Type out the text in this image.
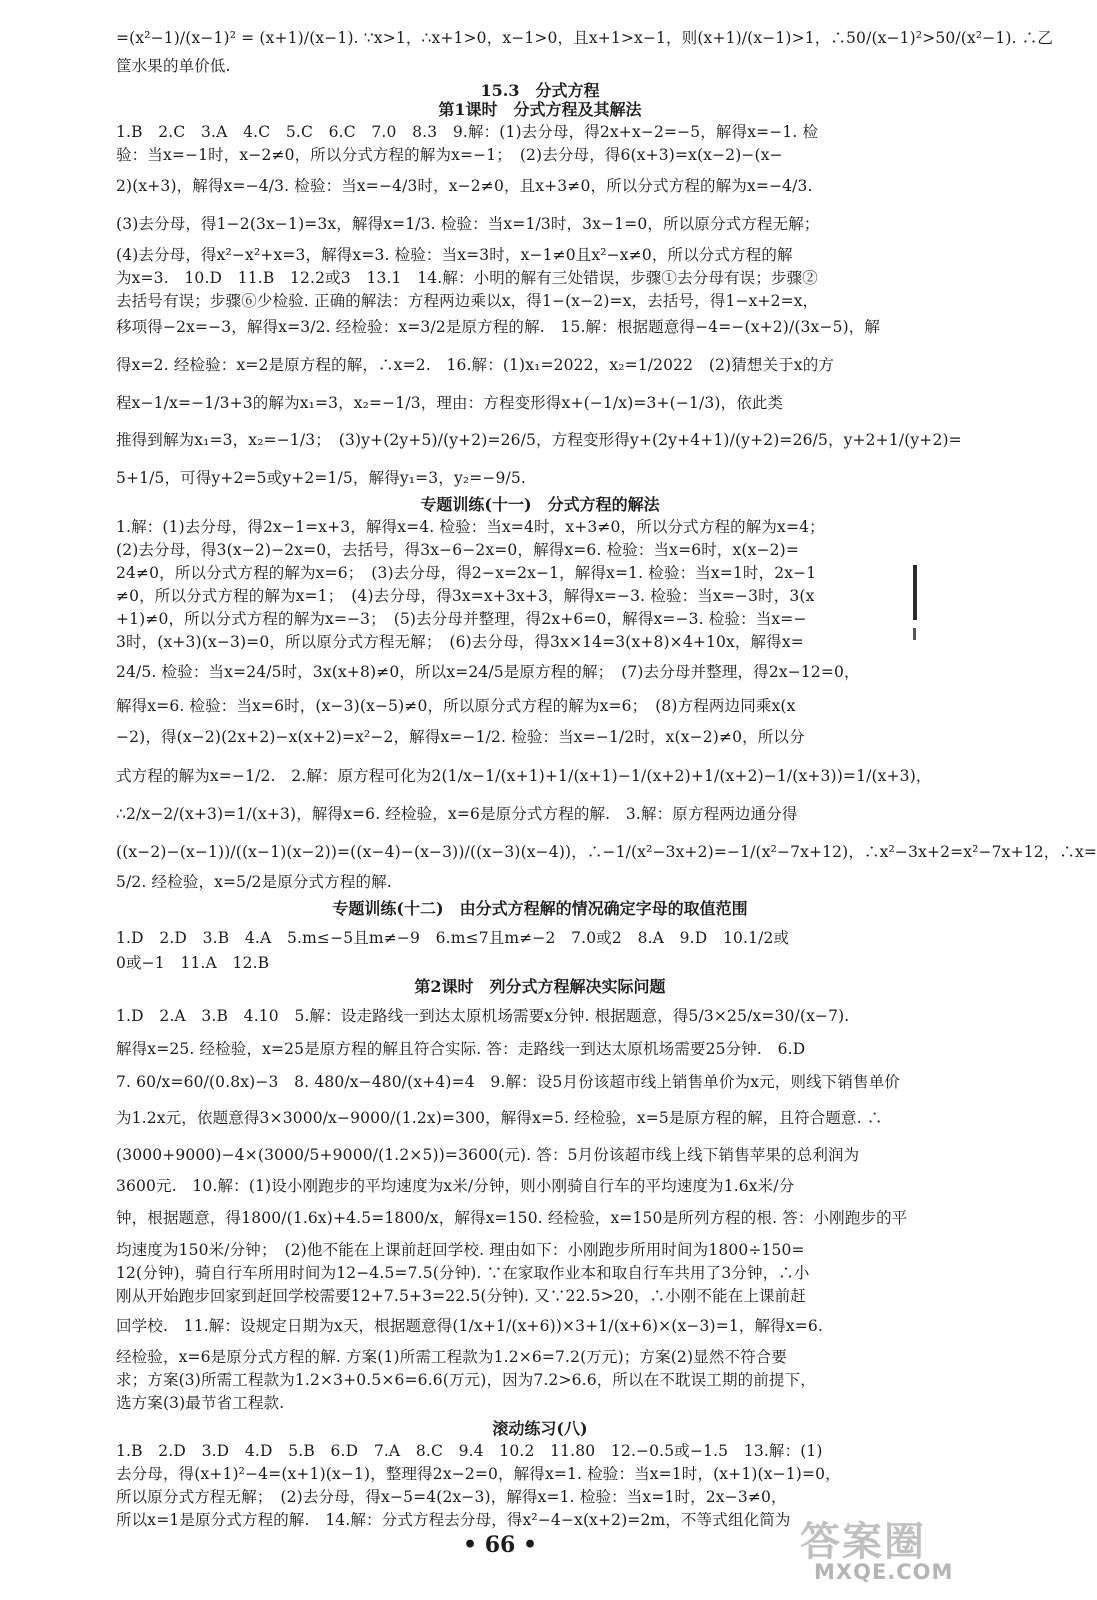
=(x²−1)/(x−1)² = (x+1)/(x−1). ∵x>1，∴x+1>0，x−1>0，且x+1>x−1，则(x+1)/(x−1)>1，∴50/(x−1)²>50/(x²−1). ∴乙
筐水果的单价低.
15.3　分式方程
第1课时　分式方程及其解法
1.B　2.C　3.A　4.C　5.C　6.C　7.0　8.3　9.解：(1)去分母，得2x+x−2=−5，解得x=−1. 检
验：当x=−1时，x−2≠0，所以分式方程的解为x=−1；　(2)去分母，得6(x+3)=x(x−2)−(x−
2)(x+3)，解得x=−4/3. 检验：当x=−4/3时，x−2≠0，且x+3≠0，所以分式方程的解为x=−4/3.
(3)去分母，得1−2(3x−1)=3x，解得x=1/3. 检验：当x=1/3时，3x−1=0，所以原分式方程无解；
(4)去分母，得x²−x²+x=3，解得x=3. 检验：当x=3时，x−1≠0且x²−x≠0，所以分式方程的解
为x=3.　10.D　11.B　12.2或3　13.1　14.解：小明的解有三处错误，步骤①去分母有误；步骤②
去括号有误；步骤⑥少检验. 正确的解法：方程两边乘以x，得1−(x−2)=x，去括号，得1−x+2=x，
移项得−2x=−3，解得x=3/2. 经检验：x=3/2是原方程的解.　15.解：根据题意得−4=−(x+2)/(3x−5)，解
得x=2. 经检验：x=2是原方程的解，∴x=2.　16.解：(1)x₁=2022，x₂=1/2022　(2)猜想关于x的方
程x−1/x=−1/3+3的解为x₁=3，x₂=−1/3，理由：方程变形得x+(−1/x)=3+(−1/3)，依此类
推得到解为x₁=3，x₂=−1/3；　(3)y+(2y+5)/(y+2)=26/5，方程变形得y+(2y+4+1)/(y+2)=26/5，y+2+1/(y+2)=
5+1/5，可得y+2=5或y+2=1/5，解得y₁=3，y₂=−9/5.
专题训练(十一)　分式方程的解法
1.解：(1)去分母，得2x−1=x+3，解得x=4. 检验：当x=4时，x+3≠0，所以分式方程的解为x=4；
(2)去分母，得3(x−2)−2x=0，去括号，得3x−6−2x=0，解得x=6. 检验：当x=6时，x(x−2)=
24≠0，所以分式方程的解为x=6；　(3)去分母，得2−x=2x−1，解得x=1. 检验：当x=1时，2x−1
≠0，所以分式方程的解为x=1；　(4)去分母，得3x=x+3x+3，解得x=−3. 检验：当x=−3时，3(x
+1)≠0，所以分式方程的解为x=−3；　(5)去分母并整理，得2x+6=0，解得x=−3. 检验：当x=−
3时，(x+3)(x−3)=0，所以原分式方程无解；　(6)去分母，得3x×14=3(x+8)×4+10x，解得x=
24/5. 检验：当x=24/5时，3x(x+8)≠0，所以x=24/5是原方程的解；　(7)去分母并整理，得2x−12=0，
解得x=6. 检验：当x=6时，(x−3)(x−5)≠0，所以原分式方程的解为x=6；　(8)方程两边同乘x(x
−2)，得(x−2)(2x+2)−x(x+2)=x²−2，解得x=−1/2. 检验：当x=−1/2时，x(x−2)≠0，所以分
式方程的解为x=−1/2.　2.解：原方程可化为2(1/x−1/(x+1)+1/(x+1)−1/(x+2)+1/(x+2)−1/(x+3))=1/(x+3)，
∴2/x−2/(x+3)=1/(x+3)，解得x=6. 经检验，x=6是原分式方程的解.　3.解：原方程两边通分得
((x−2)−(x−1))/((x−1)(x−2))=((x−4)−(x−3))/((x−3)(x−4))，∴−1/(x²−3x+2)=−1/(x²−7x+12)，∴x²−3x+2=x²−7x+12，∴x=
5/2. 经检验，x=5/2是原分式方程的解.
专题训练(十二)　由分式方程解的情况确定字母的取值范围
1.D　2.D　3.B　4.A　5.m≤−5且m≠−9　6.m≤7且m≠−2　7.0或2　8.A　9.D　10.1/2或
0或−1　11.A　12.B
第2课时　列分式方程解决实际问题
1.D　2.A　3.B　4.10　5.解：设走路线一到达太原机场需要x分钟. 根据题意，得5/3×25/x=30/(x−7).
解得x=25. 经检验，x=25是原方程的解且符合实际. 答：走路线一到达太原机场需要25分钟.　6.D
7. 60/x=60/(0.8x)−3　8. 480/x−480/(x+4)=4　9.解：设5月份该超市线上销售单价为x元，则线下销售单价
为1.2x元，依题意得3×3000/x−9000/(1.2x)=300，解得x=5. 经检验，x=5是原方程的解，且符合题意. ∴
(3000+9000)−4×(3000/5+9000/(1.2×5))=3600(元). 答：5月份该超市线上线下销售苹果的总利润为
3600元.　10.解：(1)设小刚跑步的平均速度为x米/分钟，则小刚骑自行车的平均速度为1.6x米/分
钟，根据题意，得1800/(1.6x)+4.5=1800/x，解得x=150. 经检验，x=150是所列方程的根. 答：小刚跑步的平
均速度为150米/分钟；　(2)他不能在上课前赶回学校. 理由如下：小刚跑步所用时间为1800÷150=
12(分钟)，骑自行车所用时间为12−4.5=7.5(分钟). ∵在家取作业本和取自行车共用了3分钟，∴小
刚从开始跑步回家到赶回学校需要12+7.5+3=22.5(分钟). 又∵22.5>20，∴小刚不能在上课前赶
回学校.　11.解：设规定日期为x天，根据题意得(1/x+1/(x+6))×3+1/(x+6)×(x−3)=1，解得x=6.
经检验，x=6是原分式方程的解. 方案(1)所需工程款为1.2×6=7.2(万元)；方案(2)显然不符合要
求；方案(3)所需工程款为1.2×3+0.5×6=6.6(万元)，因为7.2>6.6，所以在不耽误工期的前提下，
选方案(3)最节省工程款.
滚动练习(八)
1.B　2.D　3.D　4.D　5.B　6.D　7.A　8.C　9.4　10.2　11.80　12.−0.5或−1.5　13.解：(1)
去分母，得(x+1)²−4=(x+1)(x−1)，整理得2x−2=0，解得x=1. 检验：当x=1时，(x+1)(x−1)=0，
所以原分式方程无解；　(2)去分母，得x−5=4(2x−3)，解得x=1. 检验：当x=1时，2x−3≠0，
所以x=1是原分式方程的解.　14.解：分式方程去分母，得x²−4−x(x+2)=2m，不等式组化简为
• 66 •	答案圈
MXQE.COM
